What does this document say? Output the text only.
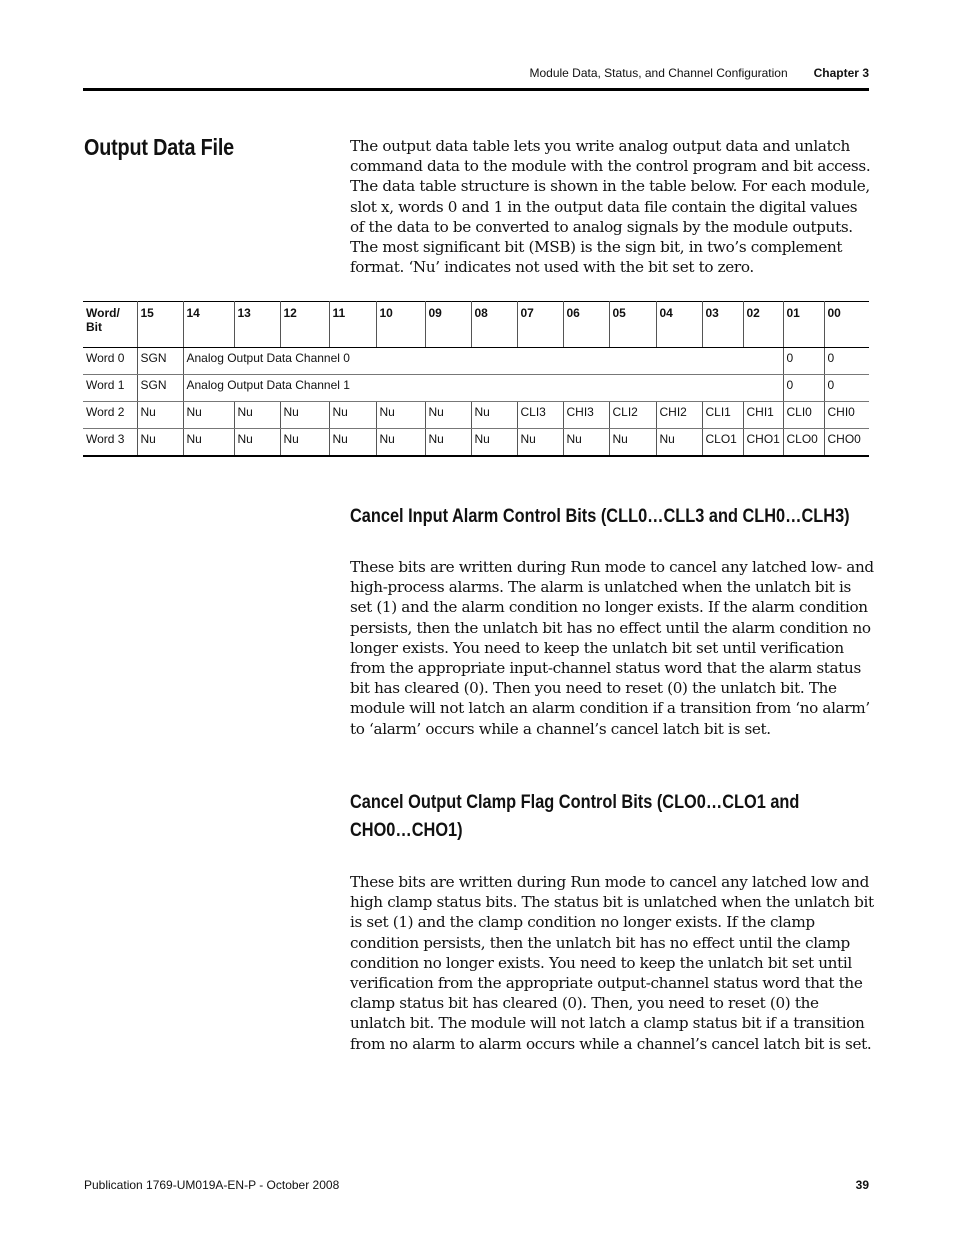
Module Data, Status, and Channel Configuration Chapter 3
Output Data File	The output data table lets you write analog output data and unlatch command data to the module with the control program and bit access. The data table structure is shown in the table below. For each module, slot x, words 0 and 1 in the output data file contain the digital values of the data to be converted to analog signals by the module outputs. The most significant bit (MSB) is the sign bit, in two’s complement format. ‘Nu’ indicates not used with the bit set to zero.

Word/ Bit	15	14	13	12	11	10	09	08	07	06	05	04	03	02	01	00
Word 0	SGN	Analog Output Data Channel 0													0	0
Word 1	SGN	Analog Output Data Channel 1													0	0
Word 2	Nu	Nu	Nu	Nu	Nu	Nu	Nu	Nu	CLI3	CHI3	CLI2	CHI2	CLI1	CHI1	CLI0	CHI0
Word 3	Nu	Nu	Nu	Nu	Nu	Nu	Nu	Nu	Nu	Nu	Nu	Nu	CLO1	CHO1	CLO0	CHO0
Cancel Input Alarm Control Bits (CLL0…CLL3 and CLH0…CLH3)

These bits are written during Run mode to cancel any latched low- and high-process alarms. The alarm is unlatched when the unlatch bit is set (1) and the alarm condition no longer exists. If the alarm condition persists, then the unlatch bit has no effect until the alarm condition no longer exists. You need to keep the unlatch bit set until verification from the appropriate input-channel status word that the alarm status bit has cleared (0). Then you need to reset (0) the unlatch bit. The module will not latch an alarm condition if a transition from ‘no alarm’ to ‘alarm’ occurs while a channel’s cancel latch bit is set.

Cancel Output Clamp Flag Control Bits (CLO0…CLO1 and CHO0…CHO1)

These bits are written during Run mode to cancel any latched low and high clamp status bits. The status bit is unlatched when the unlatch bit is set (1) and the clamp condition no longer exists. If the clamp condition persists, then the unlatch bit has no effect until the clamp condition no longer exists. You need to keep the unlatch bit set until verification from the appropriate output-channel status word that the clamp status bit has cleared (0). Then, you need to reset (0) the unlatch bit. The module will not latch a clamp status bit if a transition from no alarm to alarm occurs while a channel’s cancel latch bit is set.

Publication 1769-UM019A-EN-P - October 2008	39
